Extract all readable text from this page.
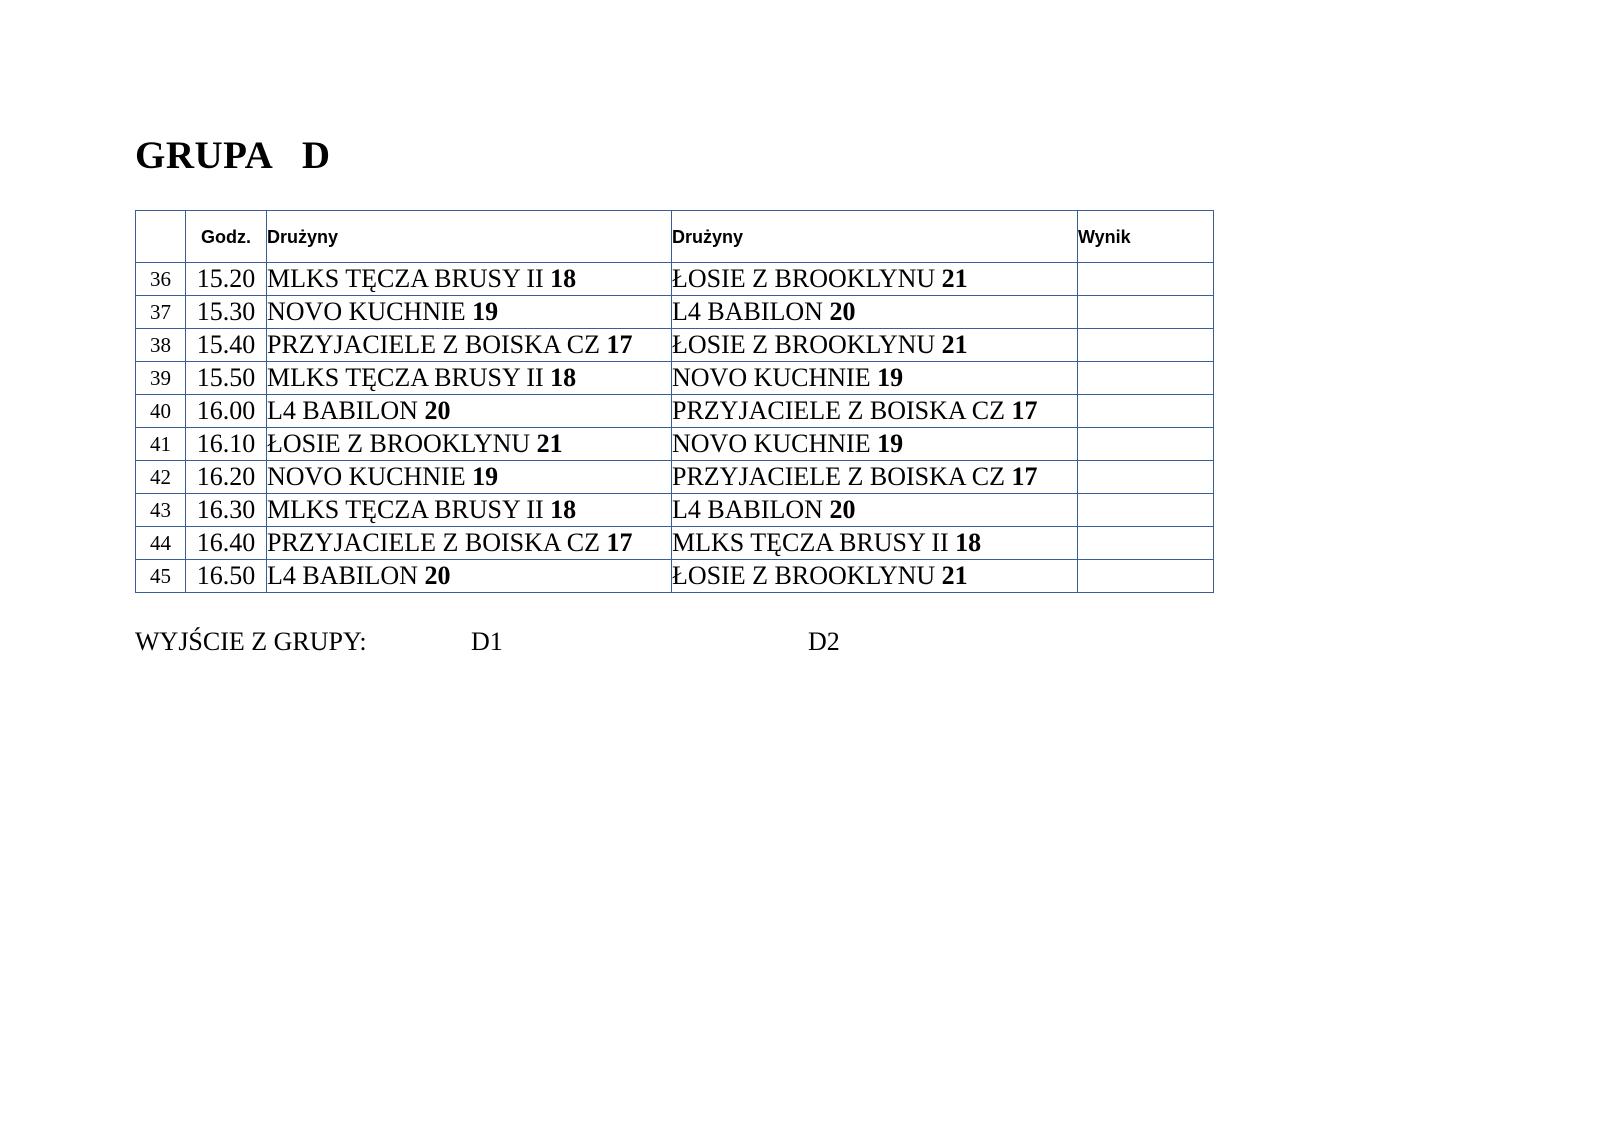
GRUPA   D
	Godz.	Drużyny	Drużyny	Wynik
36	15.20	MLKS TĘCZA BRUSY II 18	ŁOSIE Z BROOKLYNU 21	
37	15.30	NOVO KUCHNIE 19	L4 BABILON 20	
38	15.40	PRZYJACIELE Z BOISKA CZ 17	ŁOSIE Z BROOKLYNU 21	
39	15.50	MLKS TĘCZA BRUSY II 18	NOVO KUCHNIE 19	
40	16.00	L4 BABILON 20	PRZYJACIELE Z BOISKA CZ 17	
41	16.10	ŁOSIE Z BROOKLYNU 21	NOVO KUCHNIE 19	
42	16.20	NOVO KUCHNIE 19	PRZYJACIELE Z BOISKA CZ 17	
43	16.30	MLKS TĘCZA BRUSY II 18	L4 BABILON 20	
44	16.40	PRZYJACIELE Z BOISKA CZ 17	MLKS TĘCZA BRUSY II 18	
45	16.50	L4 BABILON 20	ŁOSIE Z BROOKLYNU 21	

WYJŚCIE Z GRUPY:	D1	D2
